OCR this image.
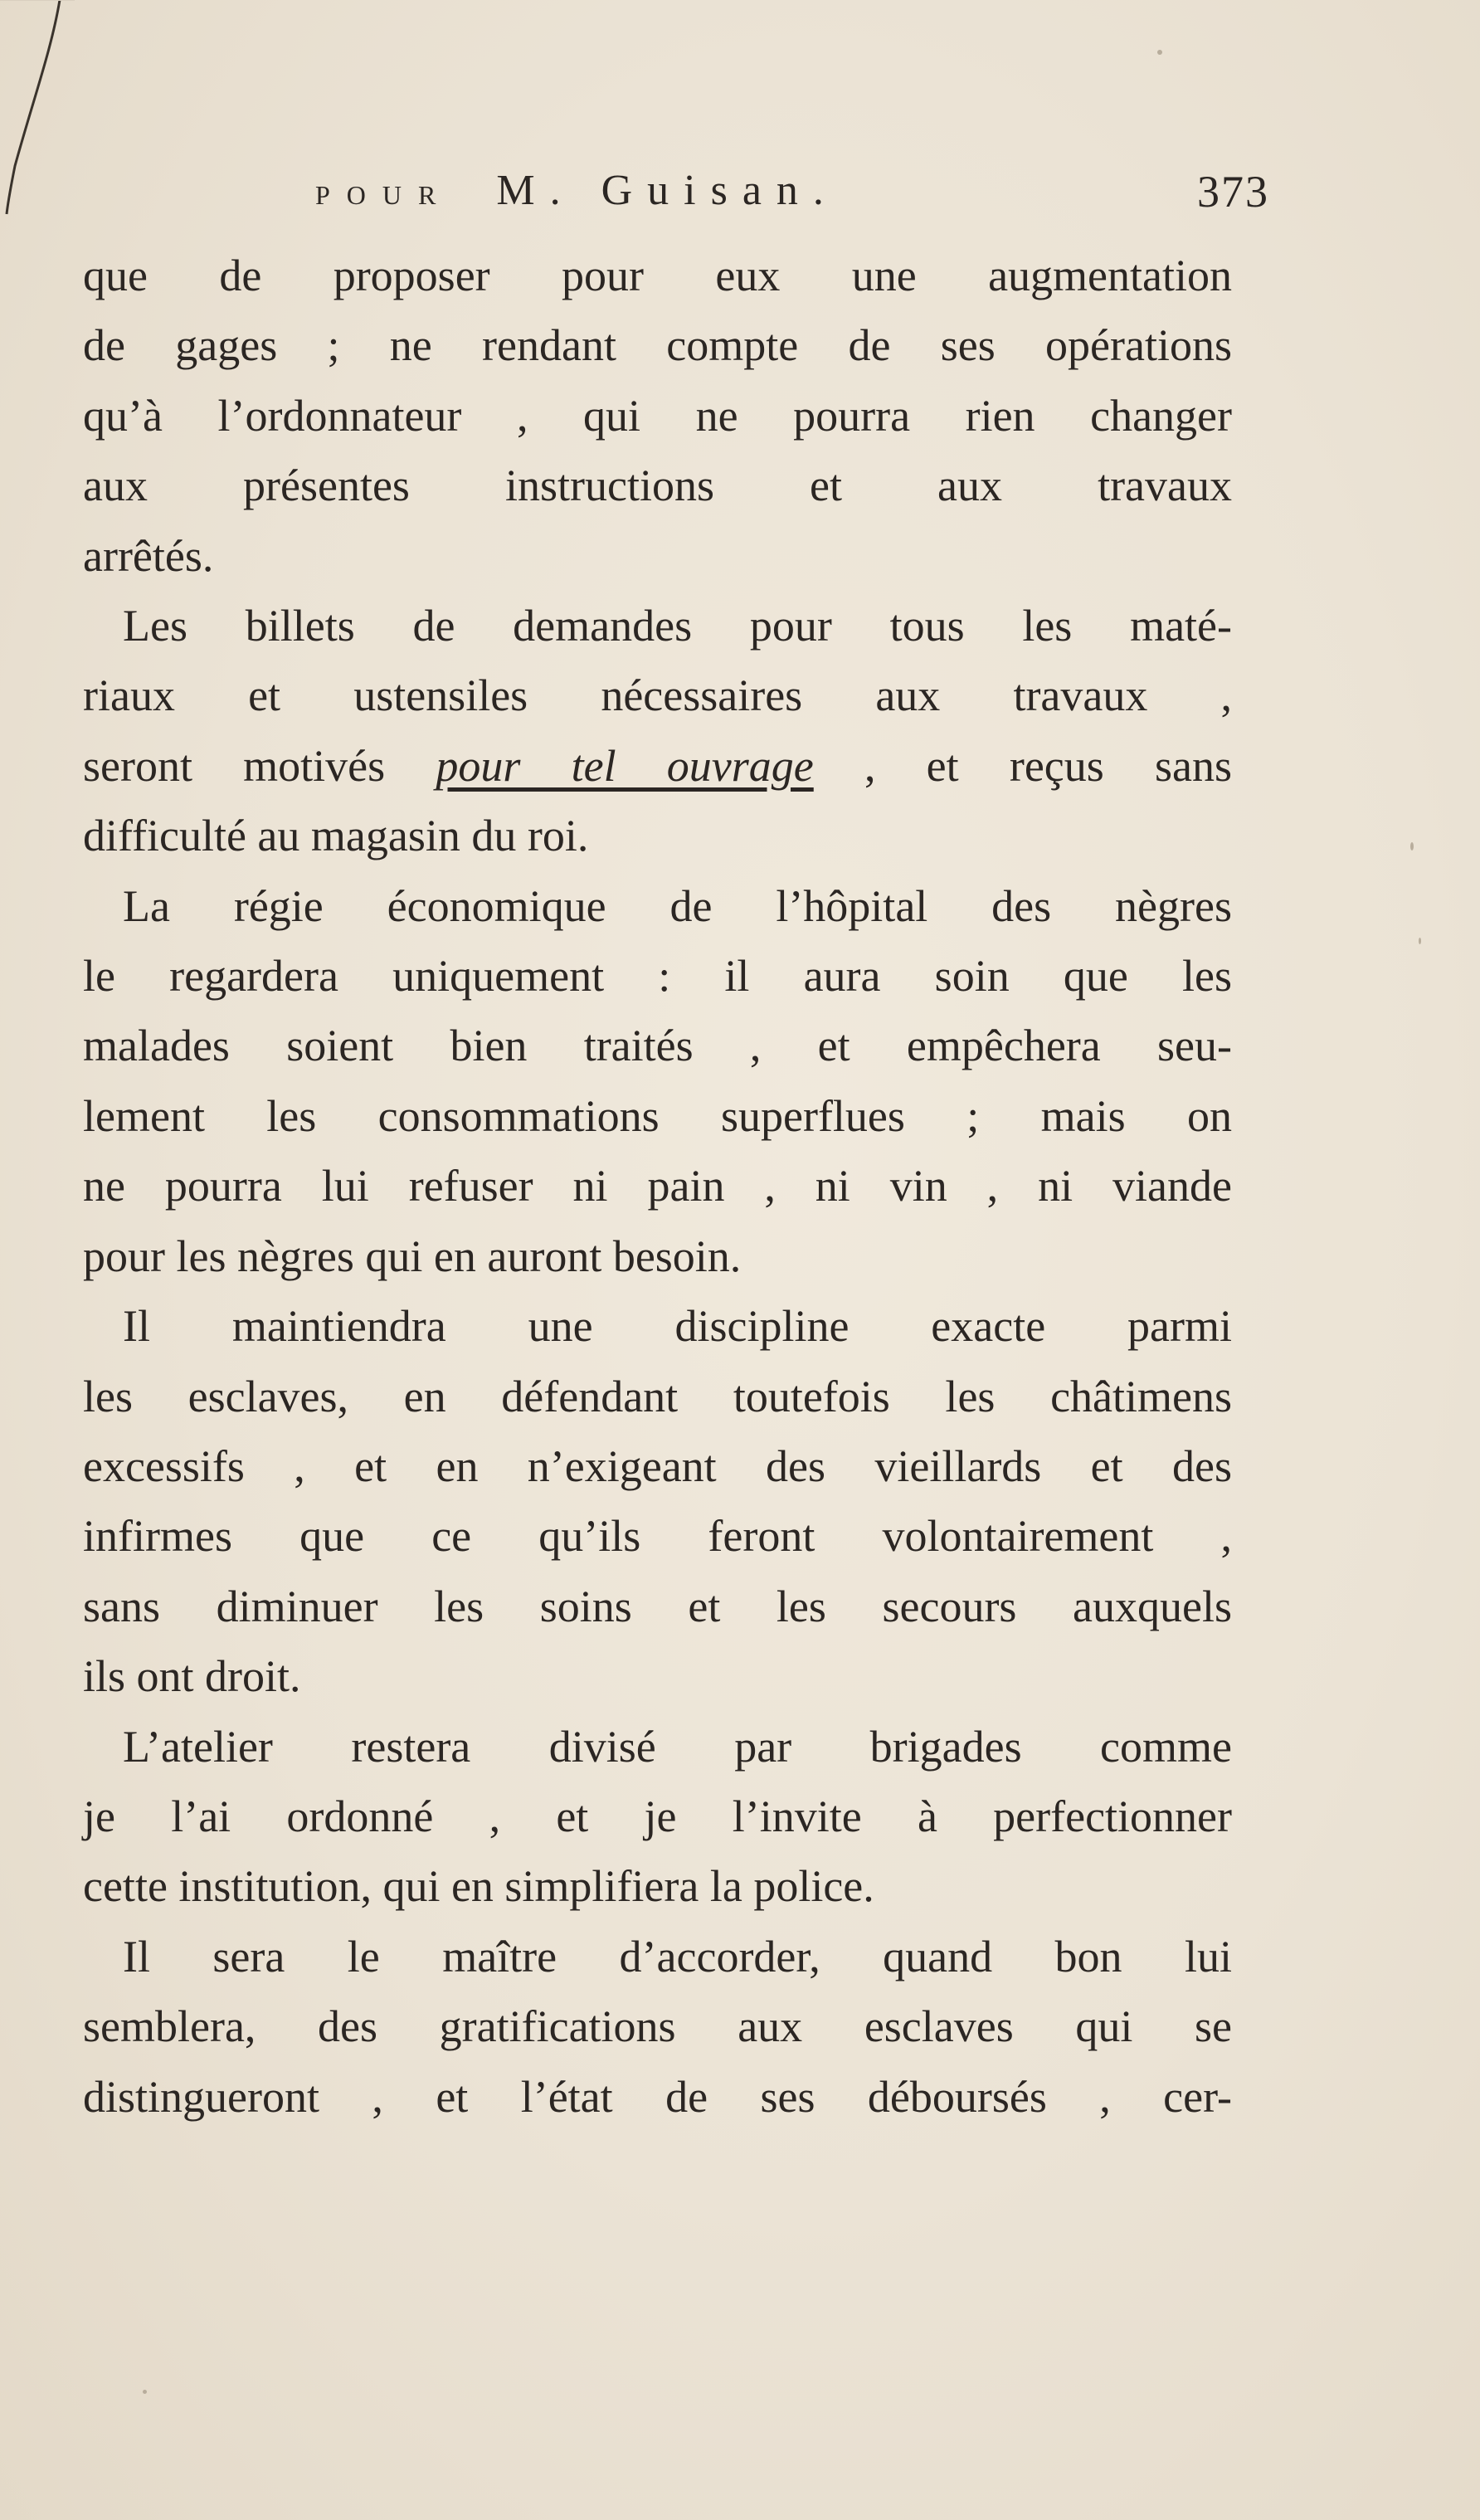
POUR M. Guisan.	373

que de proposer pour eux une augmentation

de gages ; ne rendant compte de ses opérations

qu’à l’ordonnateur , qui ne pourra rien changer

aux présentes instructions et aux travaux

arrêtés.

Les billets de demandes pour tous les maté-

riaux et ustensiles nécessaires aux travaux ,

seront motivés pour tel ouvrage , et reçus sans

difficulté au magasin du roi.

La régie économique de l’hôpital des nègres

le regardera uniquement : il aura soin que les

malades soient bien traités , et empêchera seu-

lement les consommations superflues ; mais on

ne pourra lui refuser ni pain , ni vin , ni viande

pour les nègres qui en auront besoin.

Il maintiendra une discipline exacte parmi

les esclaves, en défendant toutefois les châtimens

excessifs , et en n’exigeant des vieillards et des

infirmes que ce qu’ils feront volontairement ,

sans diminuer les soins et les secours auxquels

ils ont droit.

L’atelier restera divisé par brigades comme

je l’ai ordonné , et je l’invite à perfectionner

cette institution, qui en simplifiera la police.

Il sera le maître d’accorder, quand bon lui

semblera, des gratifications aux esclaves qui se

distingueront , et l’état de ses déboursés , cer-
